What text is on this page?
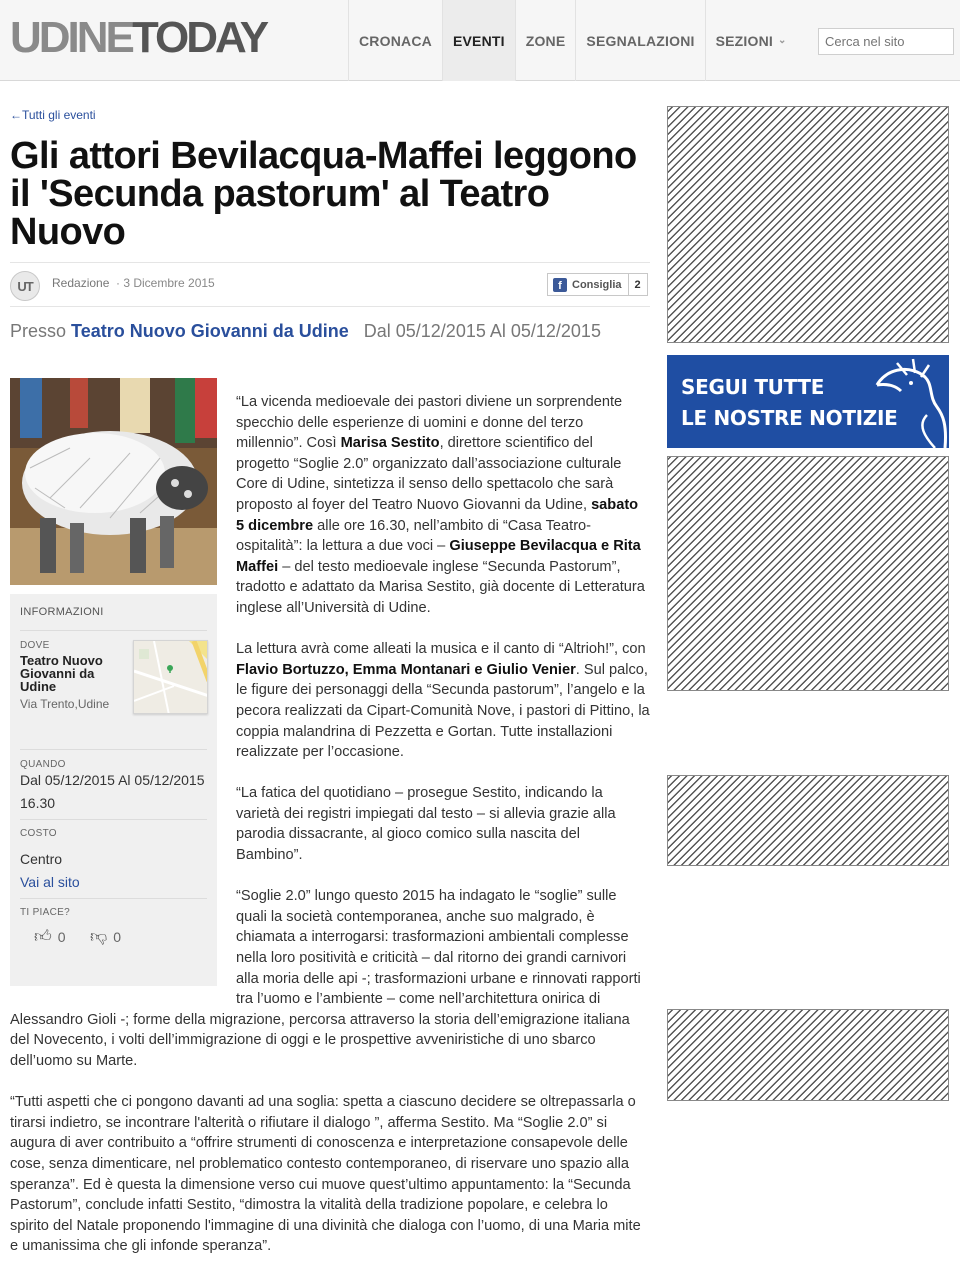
UDINETODAY	CRONACA EVENTI ZONE SEGNALAZIONI SEZIONI ⌄
Cerca nel sito
←Tutti gli eventi
Gli attori Bevilacqua-Maffei leggono il 'Secunda pastorum' al Teatro Nuovo
UT	Redazione · 3 Dicembre 2015	f Consiglia	2
Presso Teatro Nuovo Giovanni da Udine Dal 05/12/2015 Al 05/12/2015
INFORMAZIONI
DOVE
Teatro Nuovo Giovanni da Udine
Via Trento,Udine
QUANDO
Dal 05/12/2015 Al 05/12/2015
16.30
COSTO
Centro
Vai al sito
TI PIACE?
👍︎ 0 👎︎ 0

“La vicenda medioevale dei pastori diviene un sorprendente specchio delle esperienze di uomini e donne del terzo millennio”. Così Marisa Sestito, direttore scientifico del progetto “Soglie 2.0” organizzato dall’associazione culturale Core di Udine, sintetizza il senso dello spettacolo che sarà proposto al foyer del Teatro Nuovo Giovanni da Udine, sabato 5 dicembre alle ore 16.30, nell’ambito di “Casa Teatro-ospitalità”: la lettura a due voci – Giuseppe Bevilacqua e Rita Maffei – del testo medioevale inglese “Secunda Pastorum”, tradotto e adattato da Marisa Sestito, già docente di Letteratura inglese all’Università di Udine.

La lettura avrà come alleati la musica e il canto di “Altrioh!”, con Flavio Bortuzzo, Emma Montanari e Giulio Venier. Sul palco, le figure dei personaggi della “Secunda pastorum”, l’angelo e la pecora realizzati da Cipart-Comunità Nove, i pastori di Pittino, la coppia malandrina di Pezzetta e Gortan. Tutte installazioni realizzate per l’occasione.

“La fatica del quotidiano – prosegue Sestito, indicando la varietà dei registri impiegati dal testo – si allevia grazie alla parodia dissacrante, al gioco comico sulla nascita del Bambino”.

“Soglie 2.0” lungo questo 2015 ha indagato le “soglie” sulle quali la società contemporanea, anche suo malgrado, è chiamata a interrogarsi: trasformazioni ambientali complesse nella loro positività e criticità – dal ritorno dei grandi carnivori alla moria delle api -; trasformazioni urbane e rinnovati rapporti tra l’uomo e l’ambiente – come nell’architettura onirica di Alessandro Gioli -; forme della migrazione, percorsa attraverso la storia dell’emigrazione italiana del Novecento, i volti dell’immigrazione di oggi e le prospettive avveniristiche di uno sbarco dell’uomo su Marte.

“Tutti aspetti che ci pongono davanti ad una soglia: spetta a ciascuno decidere se oltrepassarla o tirarsi indietro, se incontrare l'alterità o rifiutare il dialogo ”, afferma Sestito. Ma “Soglie 2.0” si augura di aver contribuito a “offrire strumenti di conoscenza e interpretazione consapevole delle cose, senza dimenticare, nel problematico contesto contemporaneo, di riservare uno spazio alla speranza”. Ed è questa la dimensione verso cui muove quest’ultimo appuntamento: la “Secunda Pastorum”, conclude infatti Sestito, “dimostra la vitalità della tradizione popolare, e celebra lo spirito del Natale proponendo l'immagine di una divinità che dialoga con l’uomo, di una Maria mite e umanissima che gli infonde speranza”.

SEGUI TUTTE
LE NOSTRE NOTIZIE
